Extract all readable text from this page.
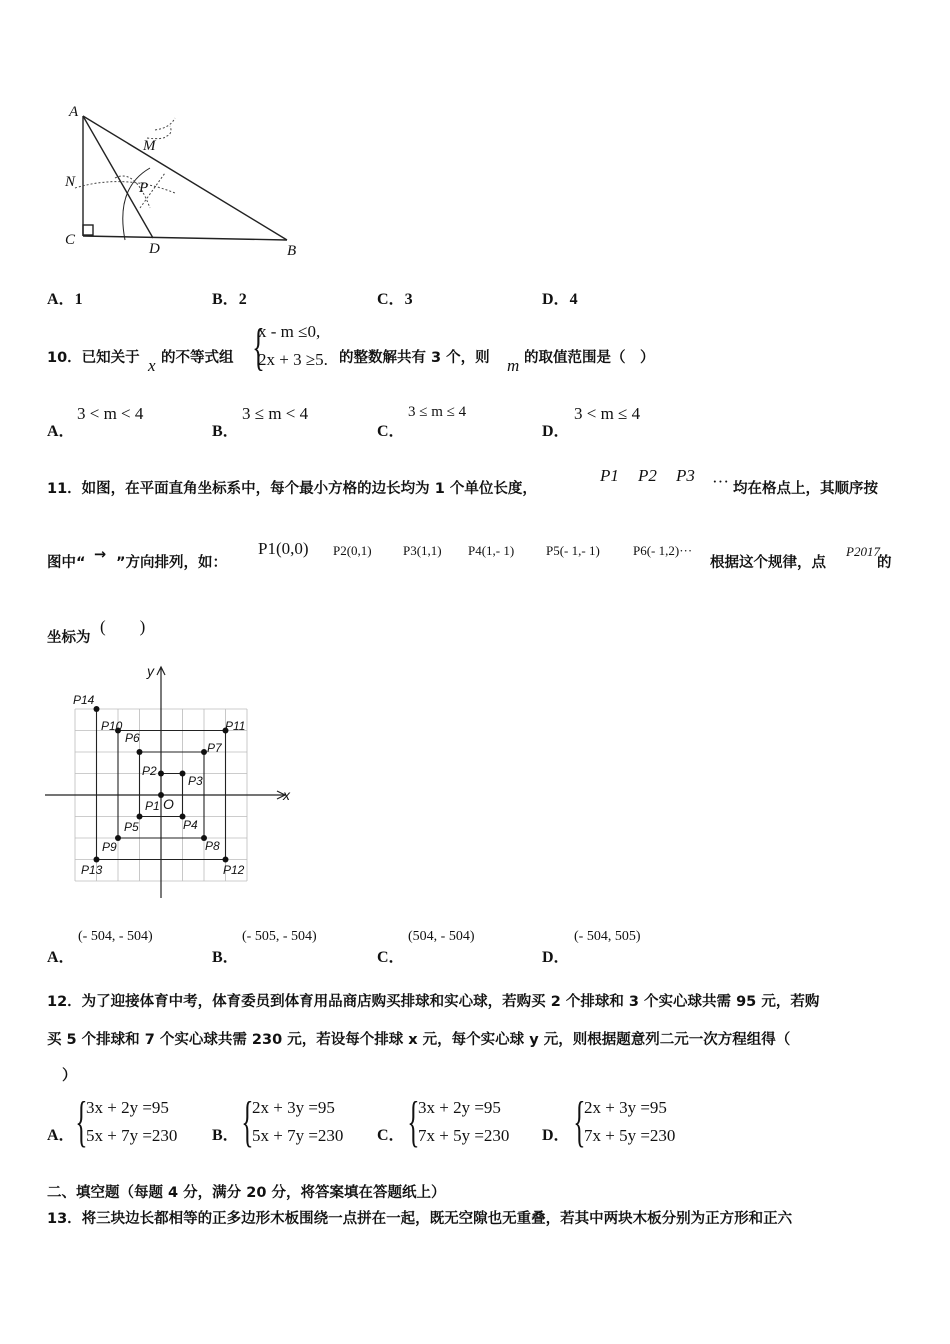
A
M
N	P
C
D	B
A．1	B．2	C．3	D．4
10．已知关于 x 的不等式组 {
x - m ≤0,
2x + 3 ≥5. 的整数解共有 3 个，则 m 的取值范围是（　）
A．
3 < m < 4
B．
3 ≤ m < 4
C．
3 ≤ m ≤ 4
D．
3 < m ≤ 4
11．如图，在平面直角坐标系中，每个最小方格的边长均为 1 个单位长度，
P1 P2 P3 ··· 均在格点上，其顺序按
图中“ → ”方向排列，如：
P1(0,0) P2(0,1) P3(1,1) P4(1,- 1) P5(- 1,- 1)	P6(- 1,2)···
根据这个规律，点
P2017
的
坐标为
(　　)
x
y
O
P1
P2
P3
P4
P5
P6
P7
P8
P9
P10	P11
P12
P13
P14
A．
(- 504, - 504)
B．
(- 505, - 504)
C．
(504, - 504)
D．
(- 504, 505)
12．为了迎接体育中考，体育委员到体育用品商店购买排球和实心球，若购买 2 个排球和 3 个实心球共需 95 元，若购
买 5 个排球和 7 个实心球共需 230 元，若设每个排球 x 元，每个实心球 y 元，则根据题意列二元一次方程组得（
）
A． {
3x + 2y =95
5x + 7y =230 B． {
2x + 3y =95
5x + 7y =230 C． {
3x + 2y =95
7x + 5y =230 D． {
2x + 3y =95
7x + 5y =230
二、填空题（每题 4 分，满分 20 分，将答案填在答题纸上）
13．将三块边长都相等的正多边形木板围绕一点拼在一起，既无空隙也无重叠，若其中两块木板分别为正方形和正六
